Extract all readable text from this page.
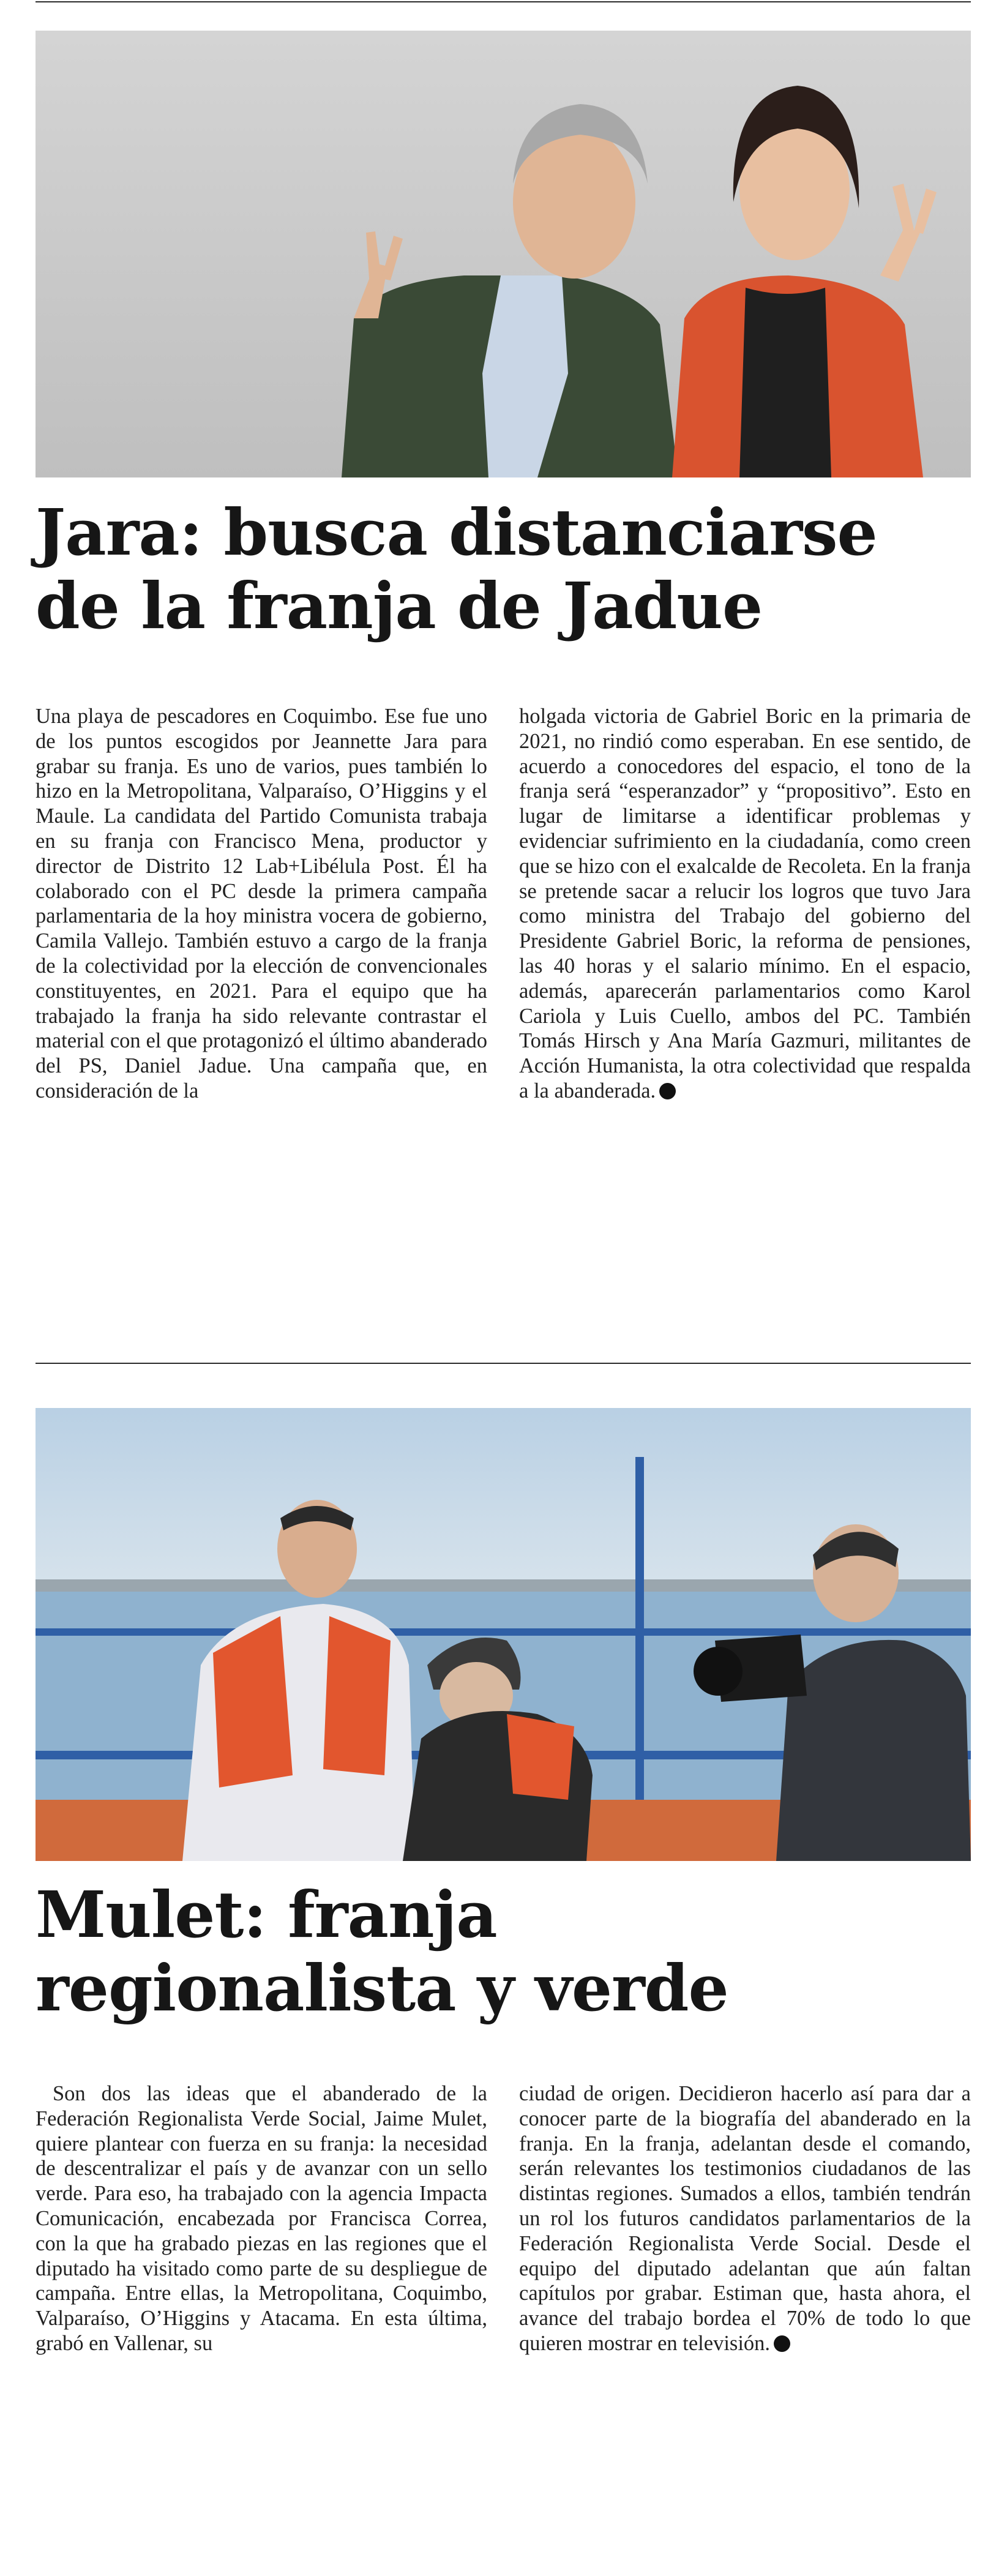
Jara: busca distanciarse
de la franja de Jadue

Una playa de pescadores en Coquimbo. Ese fue uno de los puntos escogidos por Jeannette Jara para grabar su franja. Es uno de varios, pues también lo hizo en la Metropolitana, Valparaíso, O’Higgins y el Maule. La candidata del Partido Comunista trabaja en su franja con Francisco Mena, productor y director de Distrito 12 Lab+Libélula Post. Él ha colaborado con el PC desde la primera campaña parlamentaria de la hoy ministra vocera de gobierno, Camila Vallejo. También estuvo a cargo de la franja de la colectividad por la elección de convencionales constituyentes, en 2021. Para el equipo que ha trabajado la franja ha sido relevante contrastar el material con el que protagonizó el último abanderado del PS, Daniel Jadue. Una campaña que, en consideración de la

holgada victoria de Gabriel Boric en la primaria de 2021, no rindió como esperaban. En ese sentido, de acuerdo a conocedores del espacio, el tono de la franja será “esperanzador” y “propositivo”. Esto en lugar de limitarse a identificar problemas y evidenciar sufrimiento en la ciudadanía, como creen que se hizo con el exalcalde de Recoleta. En la franja se pretende sacar a relucir los logros que tuvo Jara como ministra del Trabajo del gobierno del Presidente Gabriel Boric, la reforma de pensiones, las 40 horas y el salario mínimo. En el espacio, además, aparecerán parlamentarios como Karol Cariola y Luis Cuello, ambos del PC. También Tomás Hirsch y Ana María Gazmuri, militantes de Acción Humanista, la otra colectividad que respalda a la abanderada.

Mulet: franja
regionalista y verde

Son dos las ideas que el abanderado de la Federación Regionalista Verde Social, Jaime Mulet, quiere plantear con fuerza en su franja: la necesidad de descentralizar el país y de avanzar con un sello verde. Para eso, ha trabajado con la agencia Impacta Comunicación, encabezada por Francisca Correa, con la que ha grabado piezas en las regiones que el diputado ha visitado como parte de su despliegue de campaña. Entre ellas, la Metropolitana, Coquimbo, Valparaíso, O’Higgins y Atacama. En esta última, grabó en Vallenar, su

ciudad de origen. Decidieron hacerlo así para dar a conocer parte de la biografía del abanderado en la franja. En la franja, adelantan desde el comando, serán relevantes los testimonios ciudadanos de las distintas regiones. Sumados a ellos, también tendrán un rol los futuros candidatos parlamentarios de la Federación Regionalista Verde Social. Desde el equipo del diputado adelantan que aún faltan capítulos por grabar. Estiman que, hasta ahora, el avance del trabajo bordea el 70% de todo lo que quieren mostrar en televisión.
